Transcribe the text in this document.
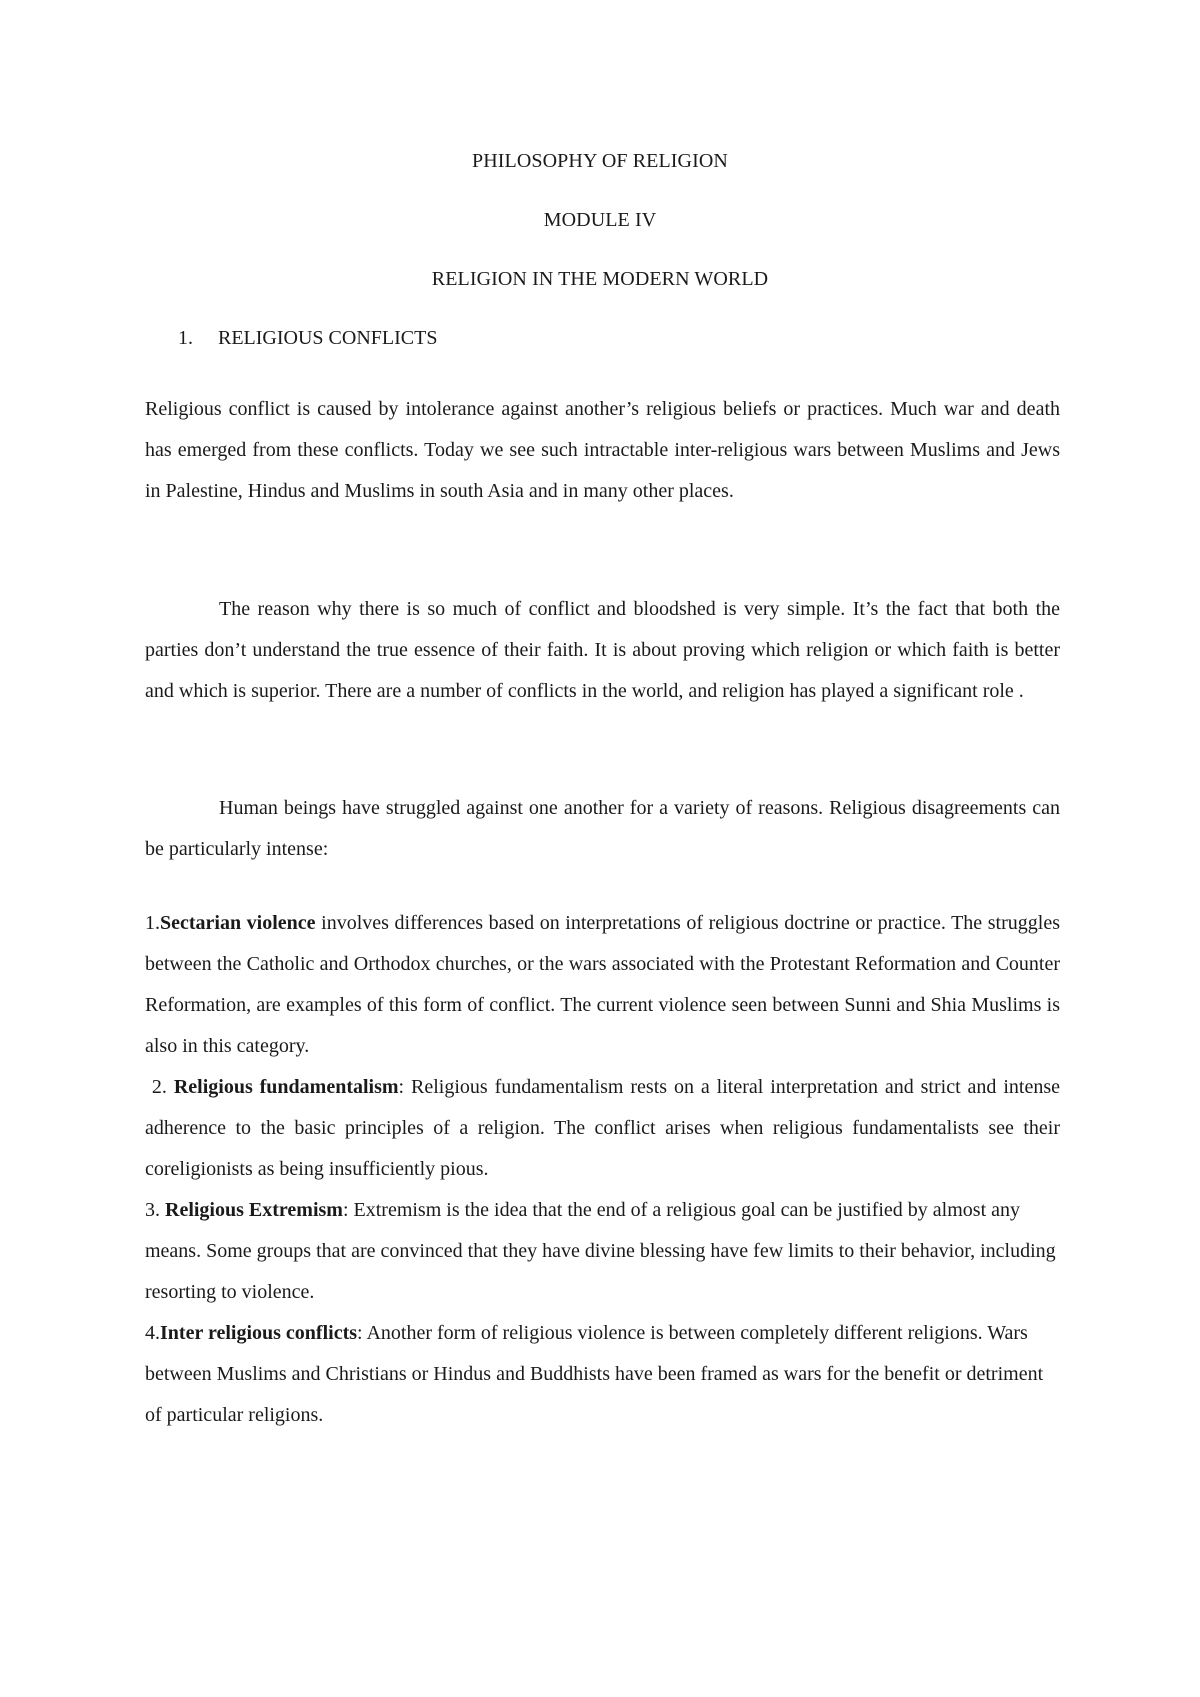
PHILOSOPHY OF RELIGION
MODULE IV
RELIGION IN THE MODERN WORLD
1. RELIGIOUS CONFLICTS
Religious conflict is caused by intolerance against another’s religious beliefs or practices. Much war and death has emerged from these conflicts. Today we see such intractable inter-religious wars between Muslims and Jews in Palestine, Hindus and Muslims in south Asia and in many other places.
The reason why there is so much of conflict and bloodshed is very simple. It’s the fact that both the parties don’t understand the true essence of their faith. It is about proving which religion or which faith is better and which is superior. There are a number of conflicts in the world, and religion has played a significant role .
Human beings have struggled against one another for a variety of reasons. Religious disagreements can be particularly intense:
1.Sectarian violence involves differences based on interpretations of religious doctrine or practice. The struggles between the Catholic and Orthodox churches, or the wars associated with the Protestant Reformation and Counter Reformation, are examples of this form of conflict. The current violence seen between Sunni and Shia Muslims is also in this category.
2. Religious fundamentalism: Religious fundamentalism rests on a literal interpretation and strict and intense adherence to the basic principles of a religion. The conflict arises when religious fundamentalists see their coreligionists as being insufficiently pious.
3. Religious Extremism: Extremism is the idea that the end of a religious goal can be justified by almost any means. Some groups that are convinced that they have divine blessing have few limits to their behavior, including resorting to violence.
4.Inter religious conflicts: Another form of religious violence is between completely different religions. Wars between Muslims and Christians or Hindus and Buddhists have been framed as wars for the benefit or detriment of particular religions.
